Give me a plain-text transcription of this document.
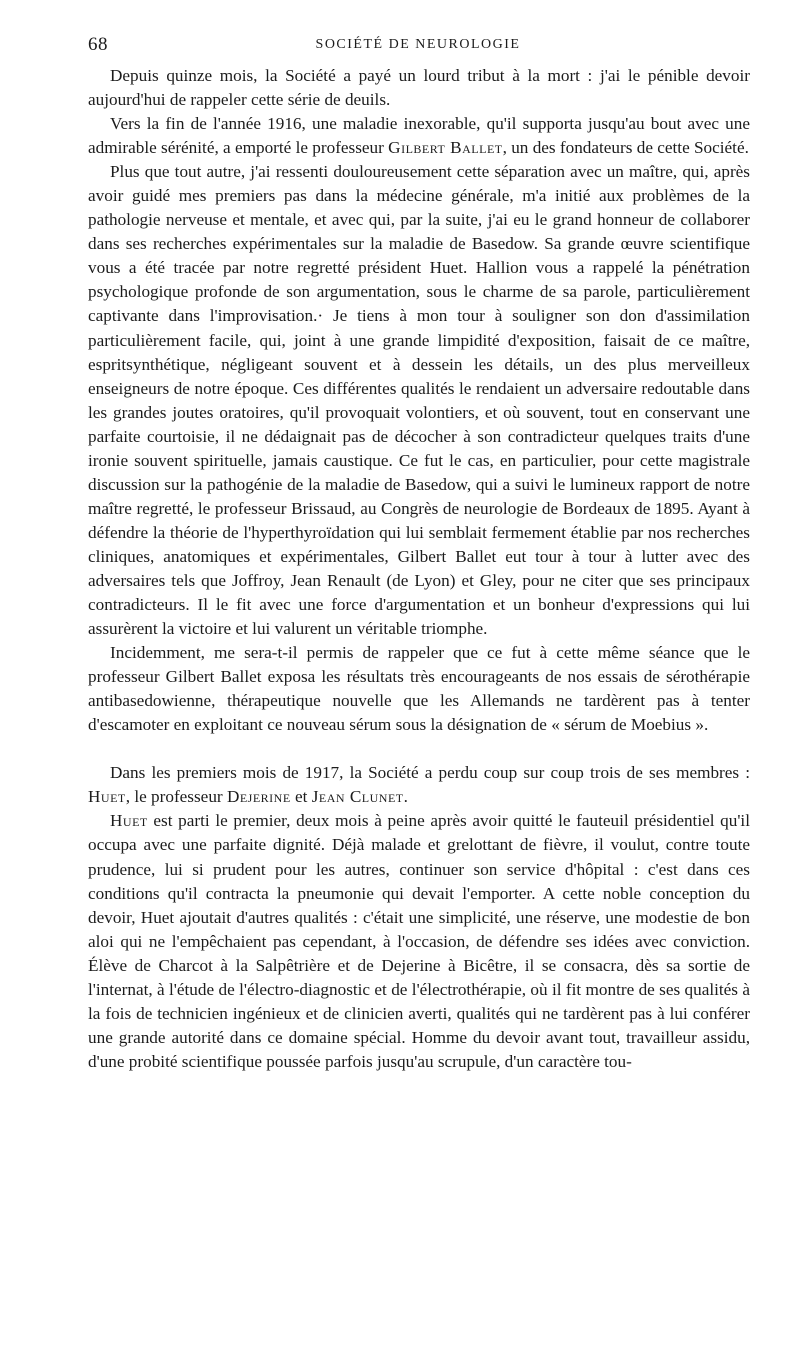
68	SOCIÉTÉ DE NEUROLOGIE

Depuis quinze mois, la Société a payé un lourd tribut à la mort : j'ai le pénible devoir aujourd'hui de rappeler cette série de deuils.

Vers la fin de l'année 1916, une maladie inexorable, qu'il supporta jusqu'au bout avec une admirable sérénité, a emporté le professeur Gilbert Ballet, un des fondateurs de cette Société.

Plus que tout autre, j'ai ressenti douloureusement cette séparation avec un maître, qui, après avoir guidé mes premiers pas dans la médecine générale, m'a initié aux problèmes de la pathologie nerveuse et mentale, et avec qui, par la suite, j'ai eu le grand honneur de collaborer dans ses recherches expérimentales sur la maladie de Basedow. Sa grande œuvre scientifique vous a été tracée par notre regretté président Huet. Hallion vous a rappelé la pénétration psychologique profonde de son argumentation, sous le charme de sa parole, particulièrement captivante dans l'improvisation.· Je tiens à mon tour à souligner son don d'assimilation particulièrement facile, qui, joint à une grande limpidité d'exposition, faisait de ce maître, espritsynthétique, négligeant souvent et à dessein les détails, un des plus merveilleux enseigneurs de notre époque. Ces différentes qualités le rendaient un adversaire redoutable dans les grandes joutes oratoires, qu'il provoquait volontiers, et où souvent, tout en conservant une parfaite courtoisie, il ne dédaignait pas de décocher à son contradicteur quelques traits d'une ironie souvent spirituelle, jamais caustique. Ce fut le cas, en particulier, pour cette magistrale discussion sur la pathogénie de la maladie de Basedow, qui a suivi le lumineux rapport de notre maître regretté, le professeur Brissaud, au Congrès de neurologie de Bordeaux de 1895. Ayant à défendre la théorie de l'hyperthyroïdation qui lui semblait fermement établie par nos recherches cliniques, anatomiques et expérimentales, Gilbert Ballet eut tour à tour à lutter avec des adversaires tels que Joffroy, Jean Renault (de Lyon) et Gley, pour ne citer que ses principaux contradicteurs. Il le fit avec une force d'argumentation et un bonheur d'expressions qui lui assurèrent la victoire et lui valurent un véritable triomphe.

Incidemment, me sera-t-il permis de rappeler que ce fut à cette même séance que le professeur Gilbert Ballet exposa les résultats très encourageants de nos essais de sérothérapie antibasedowienne, thérapeutique nouvelle que les Allemands ne tardèrent pas à tenter d'escamoter en exploitant ce nouveau sérum sous la désignation de « sérum de Moebius ».

Dans les premiers mois de 1917, la Société a perdu coup sur coup trois de ses membres : Huet, le professeur Dejerine et Jean Clunet.

Huet est parti le premier, deux mois à peine après avoir quitté le fauteuil présidentiel qu'il occupa avec une parfaite dignité. Déjà malade et grelottant de fièvre, il voulut, contre toute prudence, lui si prudent pour les autres, continuer son service d'hôpital : c'est dans ces conditions qu'il contracta la pneumonie qui devait l'emporter. A cette noble conception du devoir, Huet ajoutait d'autres qualités : c'était une simplicité, une réserve, une modestie de bon aloi qui ne l'empêchaient pas cependant, à l'occasion, de défendre ses idées avec conviction. Élève de Charcot à la Salpêtrière et de Dejerine à Bicêtre, il se consacra, dès sa sortie de l'internat, à l'étude de l'électro-diagnostic et de l'électrothérapie, où il fit montre de ses qualités à la fois de technicien ingénieux et de clinicien averti, qualités qui ne tardèrent pas à lui conférer une grande autorité dans ce domaine spécial. Homme du devoir avant tout, travailleur assidu, d'une probité scientifique poussée parfois jusqu'au scrupule, d'un caractère tou-
